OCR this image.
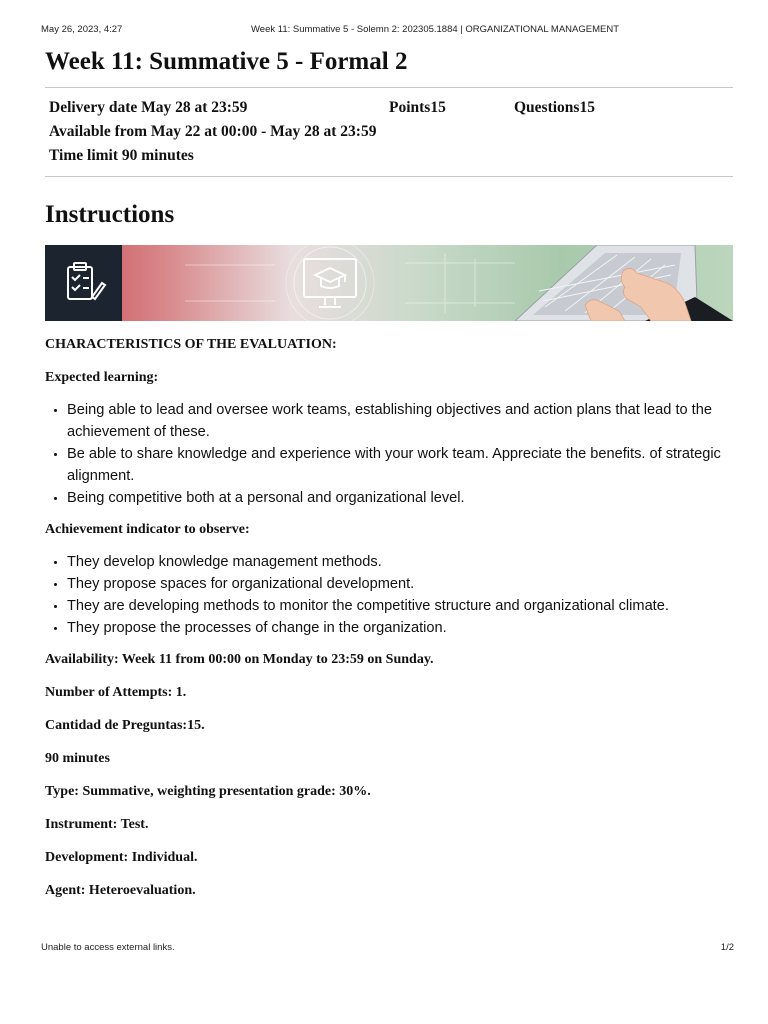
May 26, 2023, 4:27	Week 11: Summative 5 - Solemn 2: 202305.1884 | ORGANIZATIONAL MANAGEMENT
Week 11: Summative 5 - Formal 2
Delivery date May 28 at 23:59	Points15	Questions15
Available from May 22 at 00:00 - May 28 at 23:59
Time limit 90 minutes
Instructions
CHARACTERISTICS OF THE EVALUATION:
Expected learning:
• Being able to lead and oversee work teams, establishing objectives and action plans that lead to the achievement of these.
• Be able to share knowledge and experience with your work team. Appreciate the benefits. of strategic alignment.
• Being competitive both at a personal and organizational level.
Achievement indicator to observe:
• They develop knowledge management methods.
• They propose spaces for organizational development.
• They are developing methods to monitor the competitive structure and organizational climate.
• They propose the processes of change in the organization.
Availability: Week 11 from 00:00 on Monday to 23:59 on Sunday.
Number of Attempts: 1.
Cantidad de Preguntas:15.
90 minutes
Type: Summative, weighting presentation grade: 30%.
Instrument: Test.
Development: Individual.
Agent: Heteroevaluation.
Unable to access external links.	1/2
